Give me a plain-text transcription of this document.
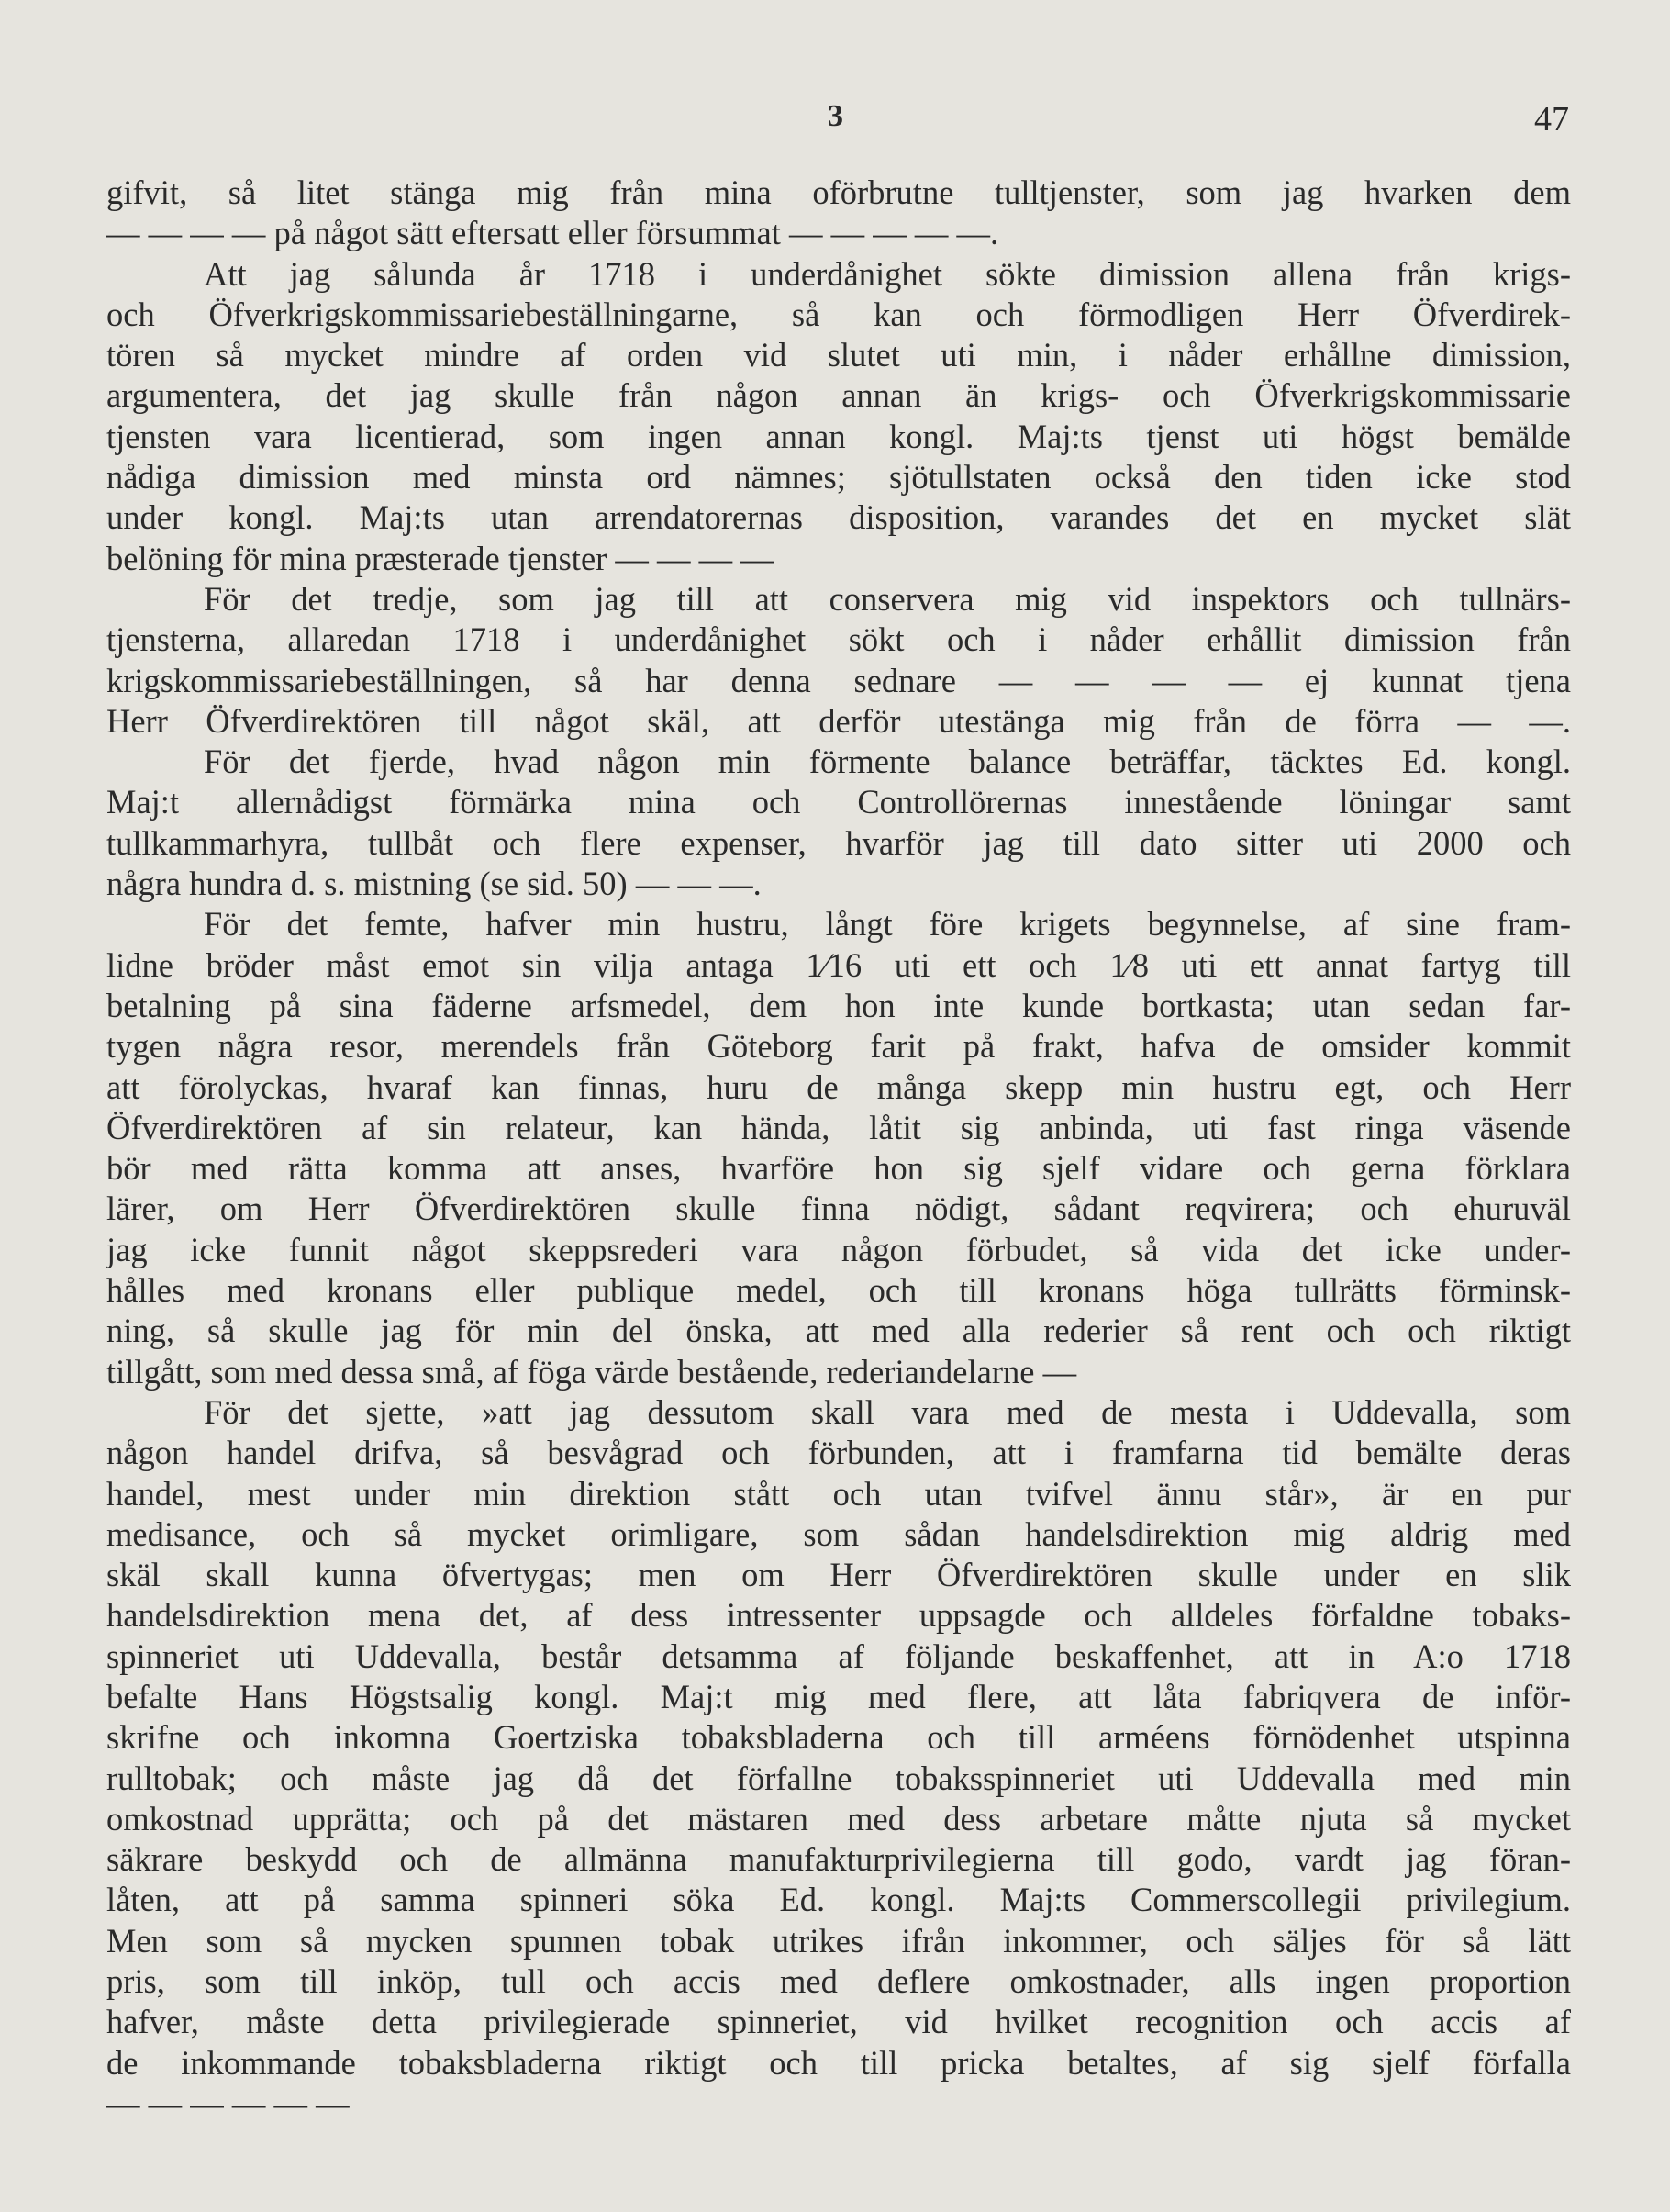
3	47
gifvit, så litet stänga mig från mina oförbrutne tulltjenster, som jag hvarken dem
— — — — på något sätt eftersatt eller försummat — — — — —.
Att jag sålunda år 1718 i underdånighet sökte dimission allena från krigs-
och Öfverkrigskommissariebeställningarne, så kan och förmodligen Herr Öfverdirek-
tören så mycket mindre af orden vid slutet uti min, i nåder erhållne dimission,
argumentera, det jag skulle från någon annan än krigs- och Öfverkrigskommissarie
tjensten vara licentierad, som ingen annan kongl. Maj:ts tjenst uti högst bemälde
nådiga dimission med minsta ord nämnes; sjötullstaten också den tiden icke stod
under kongl. Maj:ts utan arrendatorernas disposition, varandes det en mycket slät
belöning för mina præsterade tjenster — — — —
För det tredje, som jag till att conservera mig vid inspektors och tullnärs-
tjensterna, allaredan 1718 i underdånighet sökt och i nåder erhållit dimission från
krigskommissariebeställningen, så har denna sednare — — — — ej kunnat tjena
Herr Öfverdirektören till något skäl, att derför utestänga mig från de förra — —.
För det fjerde, hvad någon min förmente balance beträffar, täcktes Ed. kongl.
Maj:t allernådigst förmärka mina och Controllörernas innestående löningar samt
tullkammarhyra, tullbåt och flere expenser, hvarför jag till dato sitter uti 2000 och
några hundra d. s. mistning (se sid. 50) — — —.
För det femte, hafver min hustru, långt före krigets begynnelse, af sine fram-
lidne bröder måst emot sin vilja antaga 1⁄16 uti ett och 1⁄8 uti ett annat fartyg till
betalning på sina fäderne arfsmedel, dem hon inte kunde bortkasta; utan sedan far-
tygen några resor, merendels från Göteborg farit på frakt, hafva de omsider kommit
att förolyckas, hvaraf kan finnas, huru de många skepp min hustru egt, och Herr
Öfverdirektören af sin relateur, kan hända, låtit sig anbinda, uti fast ringa väsende
bör med rätta komma att anses, hvarföre hon sig sjelf vidare och gerna förklara
lärer, om Herr Öfverdirektören skulle finna nödigt, sådant reqvirera; och ehuruväl
jag icke funnit något skeppsrederi vara någon förbudet, så vida det icke under-
hålles med kronans eller publique medel, och till kronans höga tullrätts förminsk-
ning, så skulle jag för min del önska, att med alla rederier så rent och och riktigt
tillgått, som med dessa små, af föga värde bestående, rederiandelarne —
För det sjette, »att jag dessutom skall vara med de mesta i Uddevalla, som
någon handel drifva, så besvågrad och förbunden, att i framfarna tid bemälte deras
handel, mest under min direktion stått och utan tvifvel ännu står», är en pur
medisance, och så mycket orimligare, som sådan handelsdirektion mig aldrig med
skäl skall kunna öfvertygas; men om Herr Öfverdirektören skulle under en slik
handelsdirektion mena det, af dess intressenter uppsagde och alldeles förfaldne tobaks-
spinneriet uti Uddevalla, består detsamma af följande beskaffenhet, att in A:o 1718
befalte Hans Högstsalig kongl. Maj:t mig med flere, att låta fabriqvera de inför-
skrifne och inkomna Goertziska tobaksbladerna och till arméens förnödenhet utspinna
rulltobak; och måste jag då det förfallne tobaksspinneriet uti Uddevalla med min
omkostnad upprätta; och på det mästaren med dess arbetare måtte njuta så mycket
säkrare beskydd och de allmänna manufakturprivilegierna till godo, vardt jag föran-
låten, att på samma spinneri söka Ed. kongl. Maj:ts Commerscollegii privilegium.
Men som så mycken spunnen tobak utrikes ifrån inkommer, och säljes för så lätt
pris, som till inköp, tull och accis med deflere omkostnader, alls ingen proportion
hafver, måste detta privilegierade spinneriet, vid hvilket recognition och accis af
de inkommande tobaksbladerna riktigt och till pricka betaltes, af sig sjelf förfalla
— — — — — —
